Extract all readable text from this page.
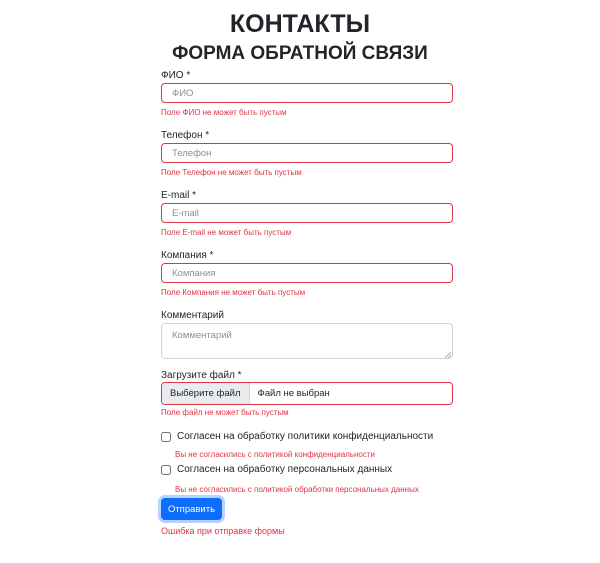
КОНТАКТЫ
ФОРМА ОБРАТНОЙ СВЯЗИ
ФИО *
ФИО
Поле ФИО не может быть пустым
Телефон *
Телефон
Поле Телефон не может быть пустым
E-mail *
E-mail
Поле E-mail не может быть пустым
Компания *
Компания
Поле Компания не может быть пустым
Комментарий
Комментарий
Загрузите файл *
Выберите файл	Файл не выбран
Поле файл не может быть пустым
Согласен на обработку политики конфиденциальности
Вы не согласились с политикой конфиденциальности
Согласен на обработку персональных данных
Вы не согласились с политикой обработки персональных данных
Отправить
Ошибка при отправке формы
